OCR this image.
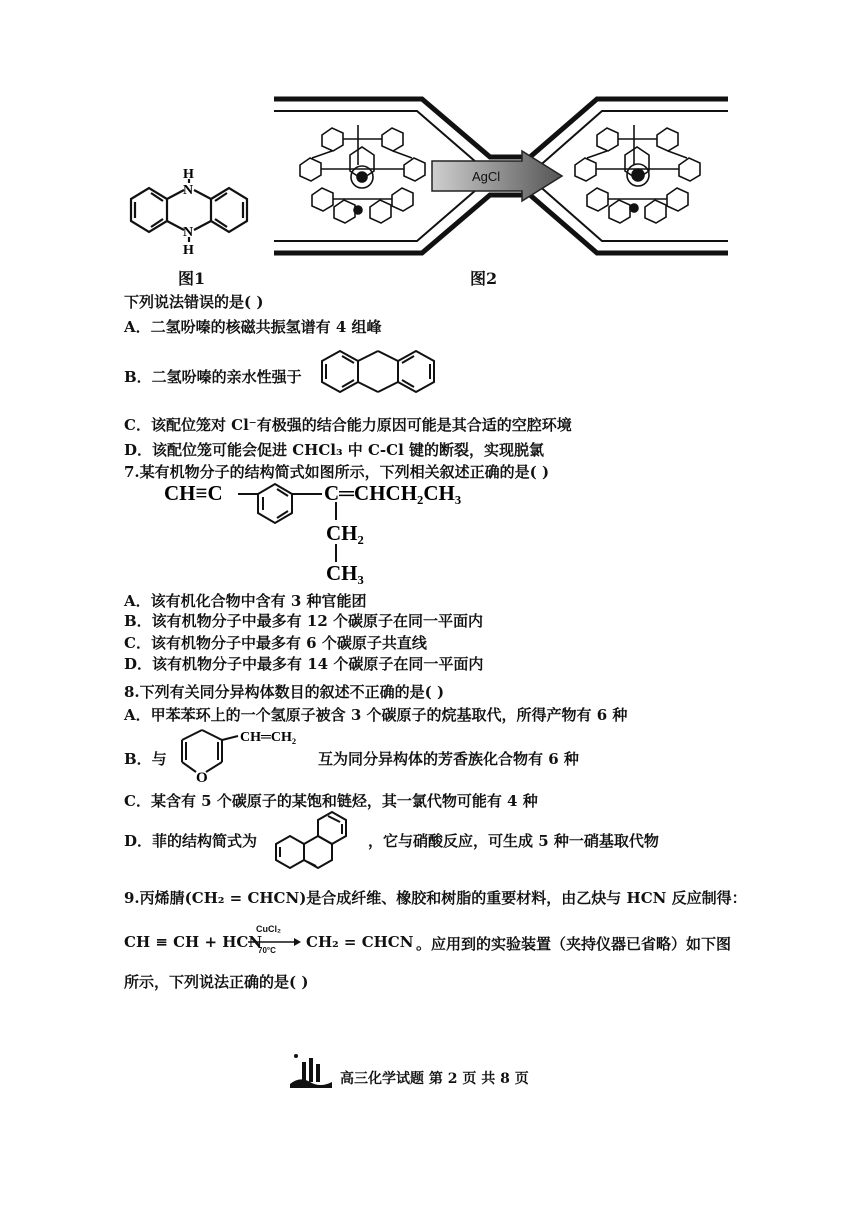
H
N
N
H
图1
AgCl
图2
下列说法错误的是( )
A．二氢吩嗪的核磁共振氢谱有 4 组峰
B．二氢吩嗪的亲水性强于
C．该配位笼对 Cl⁻有极强的结合能力原因可能是其合适的空腔环境
D．该配位笼可能会促进 CHCl₃ 中 C-Cl 键的断裂，实现脱氯
7.某有机物分子的结构简式如图所示，下列相关叙述正确的是( )
CH≡C	C═CHCH₂CH₃
CH₂
CH₃
A．该有机化合物中含有 3 种官能团
B．该有机物分子中最多有 12 个碳原子在同一平面内
C．该有机物分子中最多有 6 个碳原子共直线
D．该有机物分子中最多有 14 个碳原子在同一平面内
8.下列有关同分异构体数目的叙述不正确的是( )
A．甲苯苯环上的一个氢原子被含 3 个碳原子的烷基取代，所得产物有 6 种
B．与
O
CH═CH₂
互为同分异构体的芳香族化合物有 6 种
C．某含有 5 个碳原子的某饱和链烃，其一氯代物可能有 4 种
D．菲的结构简式为	，它与硝酸反应，可生成 5 种一硝基取代物
9.丙烯腈(CH₂ = CHCN)是合成纤维、橡胶和树脂的重要材料，由乙炔与 HCN 反应制得：
CH ≡ CH + HCN
CuCl₂
70°C CH₂ = CHCN 。应用到的实验装置（夹持仪器已省略）如下图
所示，下列说法正确的是( )
高三化学试题 第 2 页 共 8 页
